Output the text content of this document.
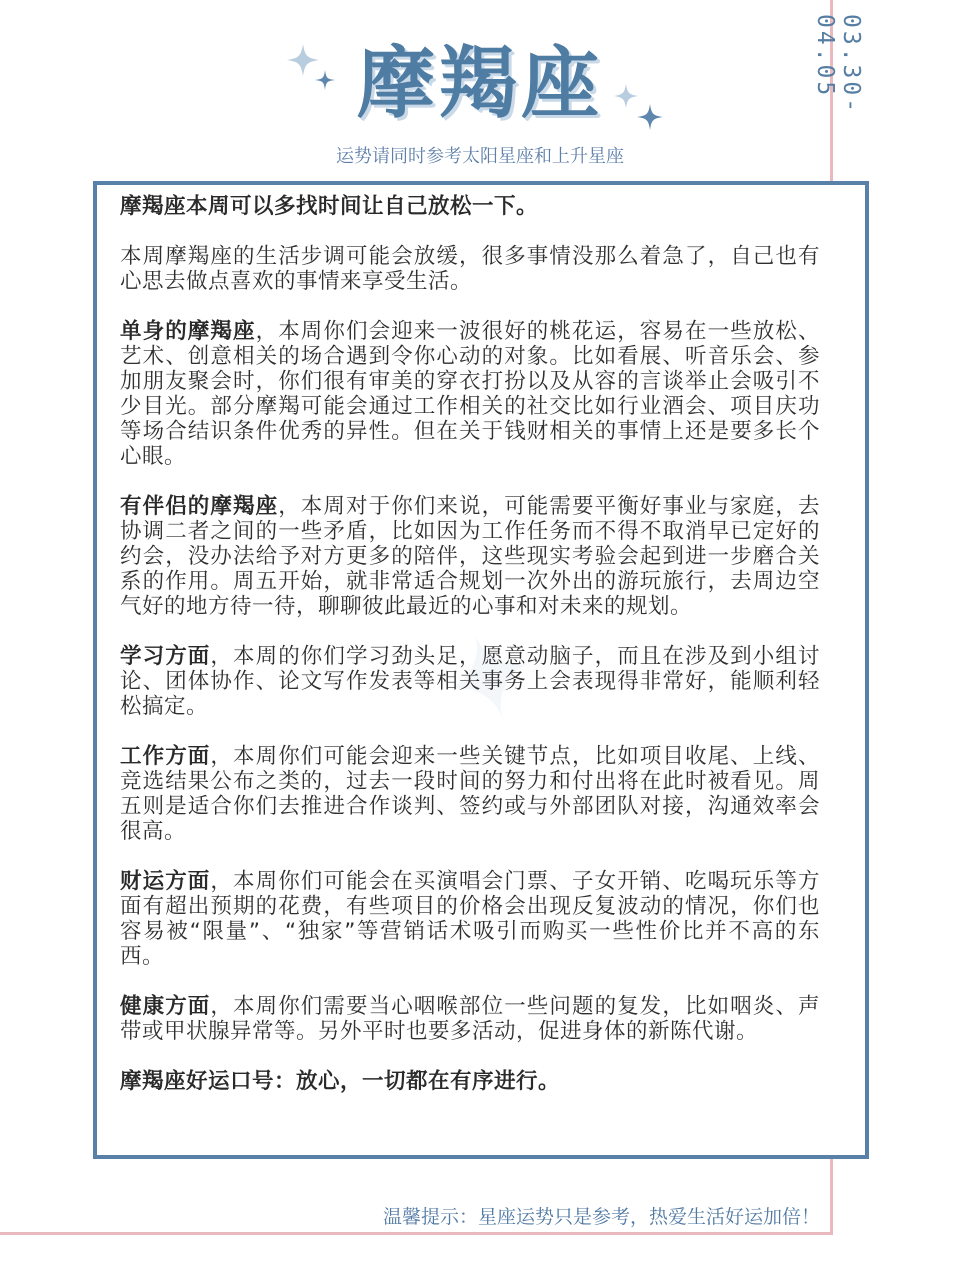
03.30-04.05
摩羯座
运势请同时参考太阳星座和上升星座

摩羯座本周可以多找时间让自己放松一下。

本周摩羯座的生活步调可能会放缓，很多事情没那么着急了，自己也有心思去做点喜欢的事情来享受生活。

单身的摩羯座，本周你们会迎来一波很好的桃花运，容易在一些放松、艺术、创意相关的场合遇到令你心动的对象。比如看展、听音乐会、参加朋友聚会时，你们很有审美的穿衣打扮以及从容的言谈举止会吸引不少目光。部分摩羯可能会通过工作相关的社交比如行业酒会、项目庆功等场合结识条件优秀的异性。但在关于钱财相关的事情上还是要多长个心眼。

有伴侣的摩羯座，本周对于你们来说，可能需要平衡好事业与家庭，去协调二者之间的一些矛盾，比如因为工作任务而不得不取消早已定好的约会，没办法给予对方更多的陪伴，这些现实考验会起到进一步磨合关系的作用。周五开始，就非常适合规划一次外出的游玩旅行，去周边空气好的地方待一待，聊聊彼此最近的心事和对未来的规划。

学习方面，本周的你们学习劲头足，愿意动脑子，而且在涉及到小组讨论、团体协作、论文写作发表等相关事务上会表现得非常好，能顺利轻松搞定。

工作方面，本周你们可能会迎来一些关键节点，比如项目收尾、上线、竞选结果公布之类的，过去一段时间的努力和付出将在此时被看见。周五则是适合你们去推进合作谈判、签约或与外部团队对接，沟通效率会很高。

财运方面，本周你们可能会在买演唱会门票、子女开销、吃喝玩乐等方面有超出预期的花费，有些项目的价格会出现反复波动的情况，你们也容易被“限量”、“独家”等营销话术吸引而购买一些性价比并不高的东西。

健康方面，本周你们需要当心咽喉部位一些问题的复发，比如咽炎、声带或甲状腺异常等。另外平时也要多活动，促进身体的新陈代谢。

摩羯座好运口号：放心，一切都在有序进行。

温馨提示：星座运势只是参考，热爱生活好运加倍！
